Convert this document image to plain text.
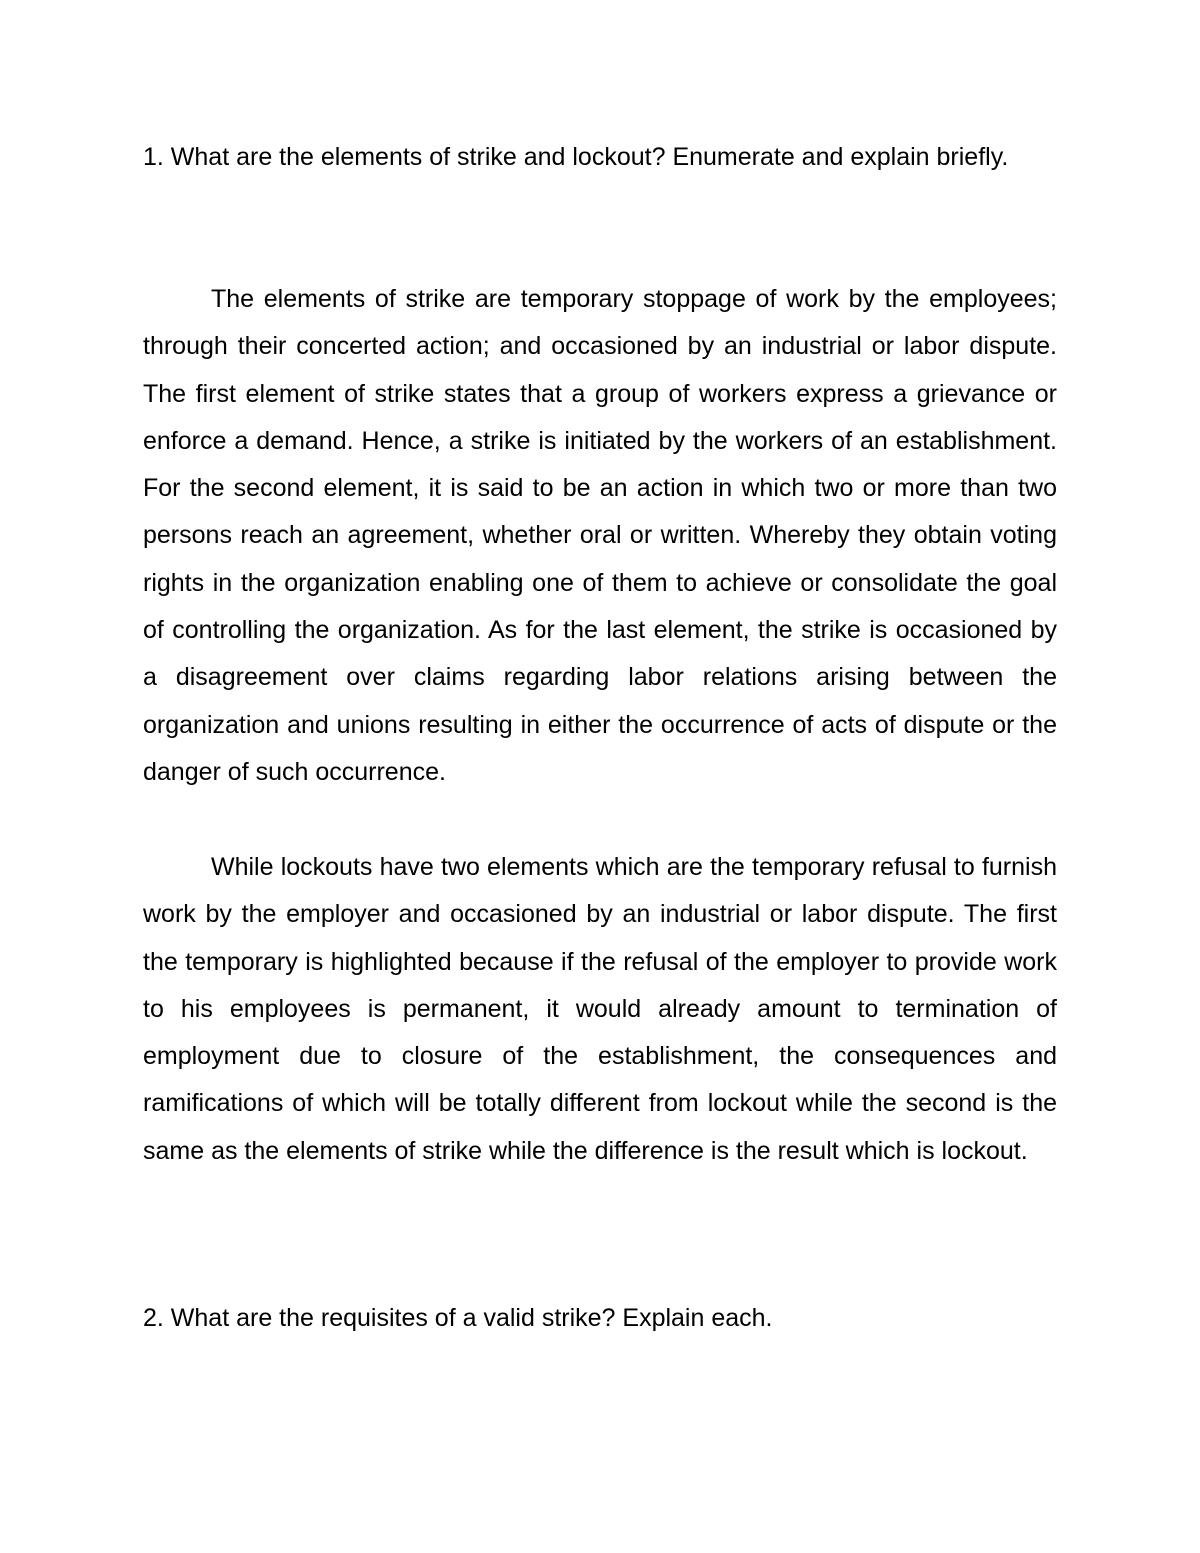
1. What are the elements of strike and lockout? Enumerate and explain briefly.

The elements of strike are temporary stoppage of work by the employees; through their concerted action; and occasioned by an industrial or labor dispute. The first element of strike states that a group of workers express a grievance or enforce a demand. Hence, a strike is initiated by the workers of an establishment. For the second element, it is said to be an action in which two or more than two persons reach an agreement, whether oral or written. Whereby they obtain voting rights in the organization enabling one of them to achieve or consolidate the goal of controlling the organization. As for the last element, the strike is occasioned by a disagreement over claims regarding labor relations arising between the organization and unions resulting in either the occurrence of acts of dispute or the danger of such occurrence.

While lockouts have two elements which are the temporary refusal to furnish work by the employer and occasioned by an industrial or labor dispute. The first the temporary is highlighted because if the refusal of the employer to provide work to his employees is permanent, it would already amount to termination of employment due to closure of the establishment, the consequences and ramifications of which will be totally different from lockout while the second is the same as the elements of strike while the difference is the result which is lockout.

2. What are the requisites of a valid strike? Explain each.
